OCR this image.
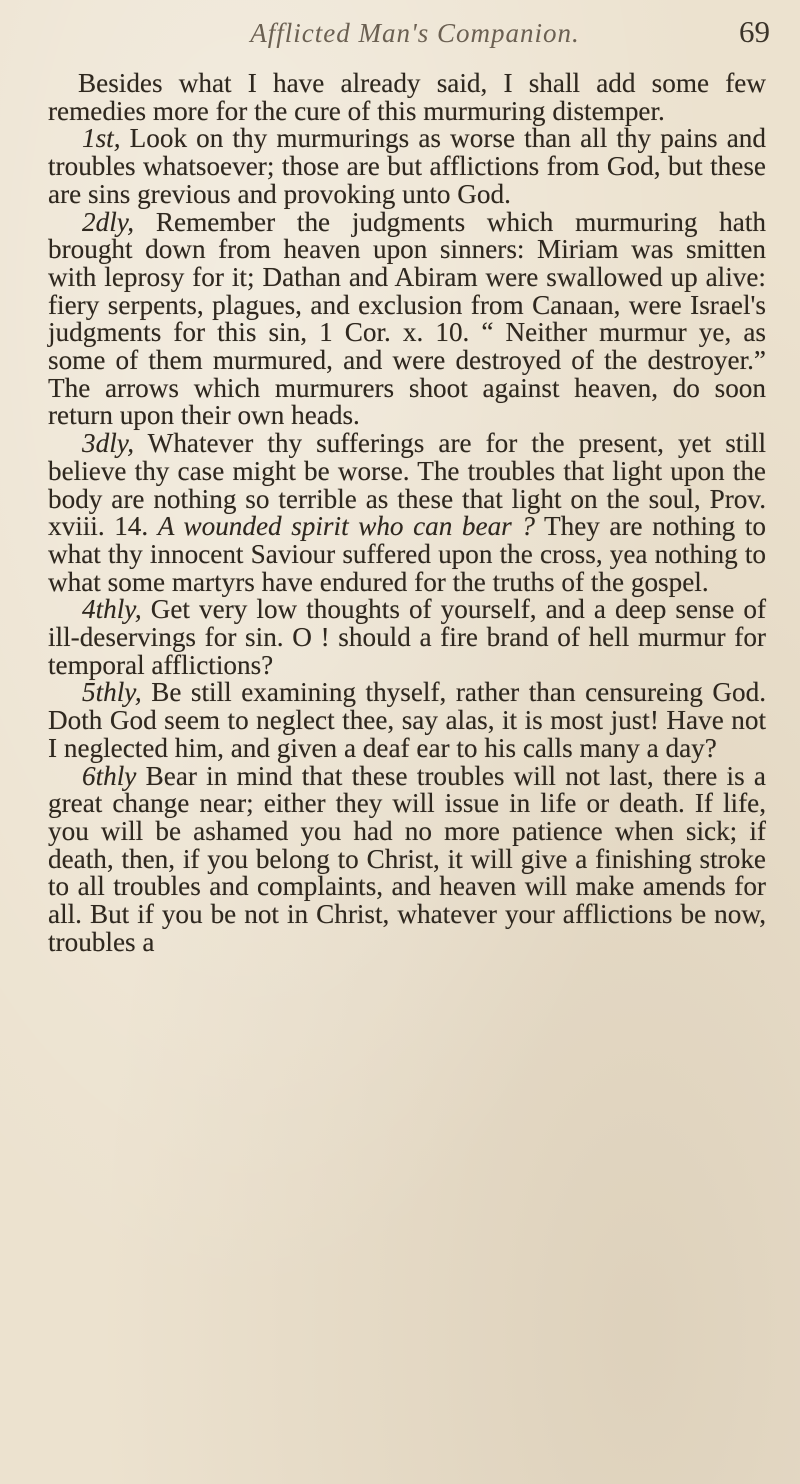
Afflicted Man's Companion.	69

Besides what I have already said, I shall add some few remedies more for the cure of this murmuring distemper.

1st, Look on thy murmurings as worse than all thy pains and troubles whatsoever; those are but afflictions from God, but these are sins grevious and provoking unto God.

2dly, Remember the judgments which murmuring hath brought down from heaven upon sinners: Miriam was smitten with leprosy for it; Dathan and Abiram were swallowed up alive: fiery serpents, plagues, and exclusion from Canaan, were Israel's judgments for this sin, 1 Cor. x. 10. “ Neither murmur ye, as some of them murmured, and were destroyed of the destroyer.” The arrows which murmurers shoot against heaven, do soon return upon their own heads.

3dly, Whatever thy sufferings are for the present, yet still believe thy case might be worse. The troubles that light upon the body are nothing so terrible as these that light on the soul, Prov. xviii. 14. A wounded spirit who can bear ? They are nothing to what thy innocent Saviour suffered upon the cross, yea nothing to what some martyrs have endured for the truths of the gospel.

4thly, Get very low thoughts of yourself, and a deep sense of ill-deservings for sin. O ! should a fire brand of hell murmur for temporal afflictions?

5thly, Be still examining thyself, rather than censureing God. Doth God seem to neglect thee, say alas, it is most just! Have not I neglected him, and given a deaf ear to his calls many a day?

6thly Bear in mind that these troubles will not last, there is a great change near; either they will issue in life or death. If life, you will be ashamed you had no more patience when sick; if death, then, if you belong to Christ, it will give a finishing stroke to all troubles and complaints, and heaven will make amends for all. But if you be not in Christ, whatever your afflictions be now, troubles a
